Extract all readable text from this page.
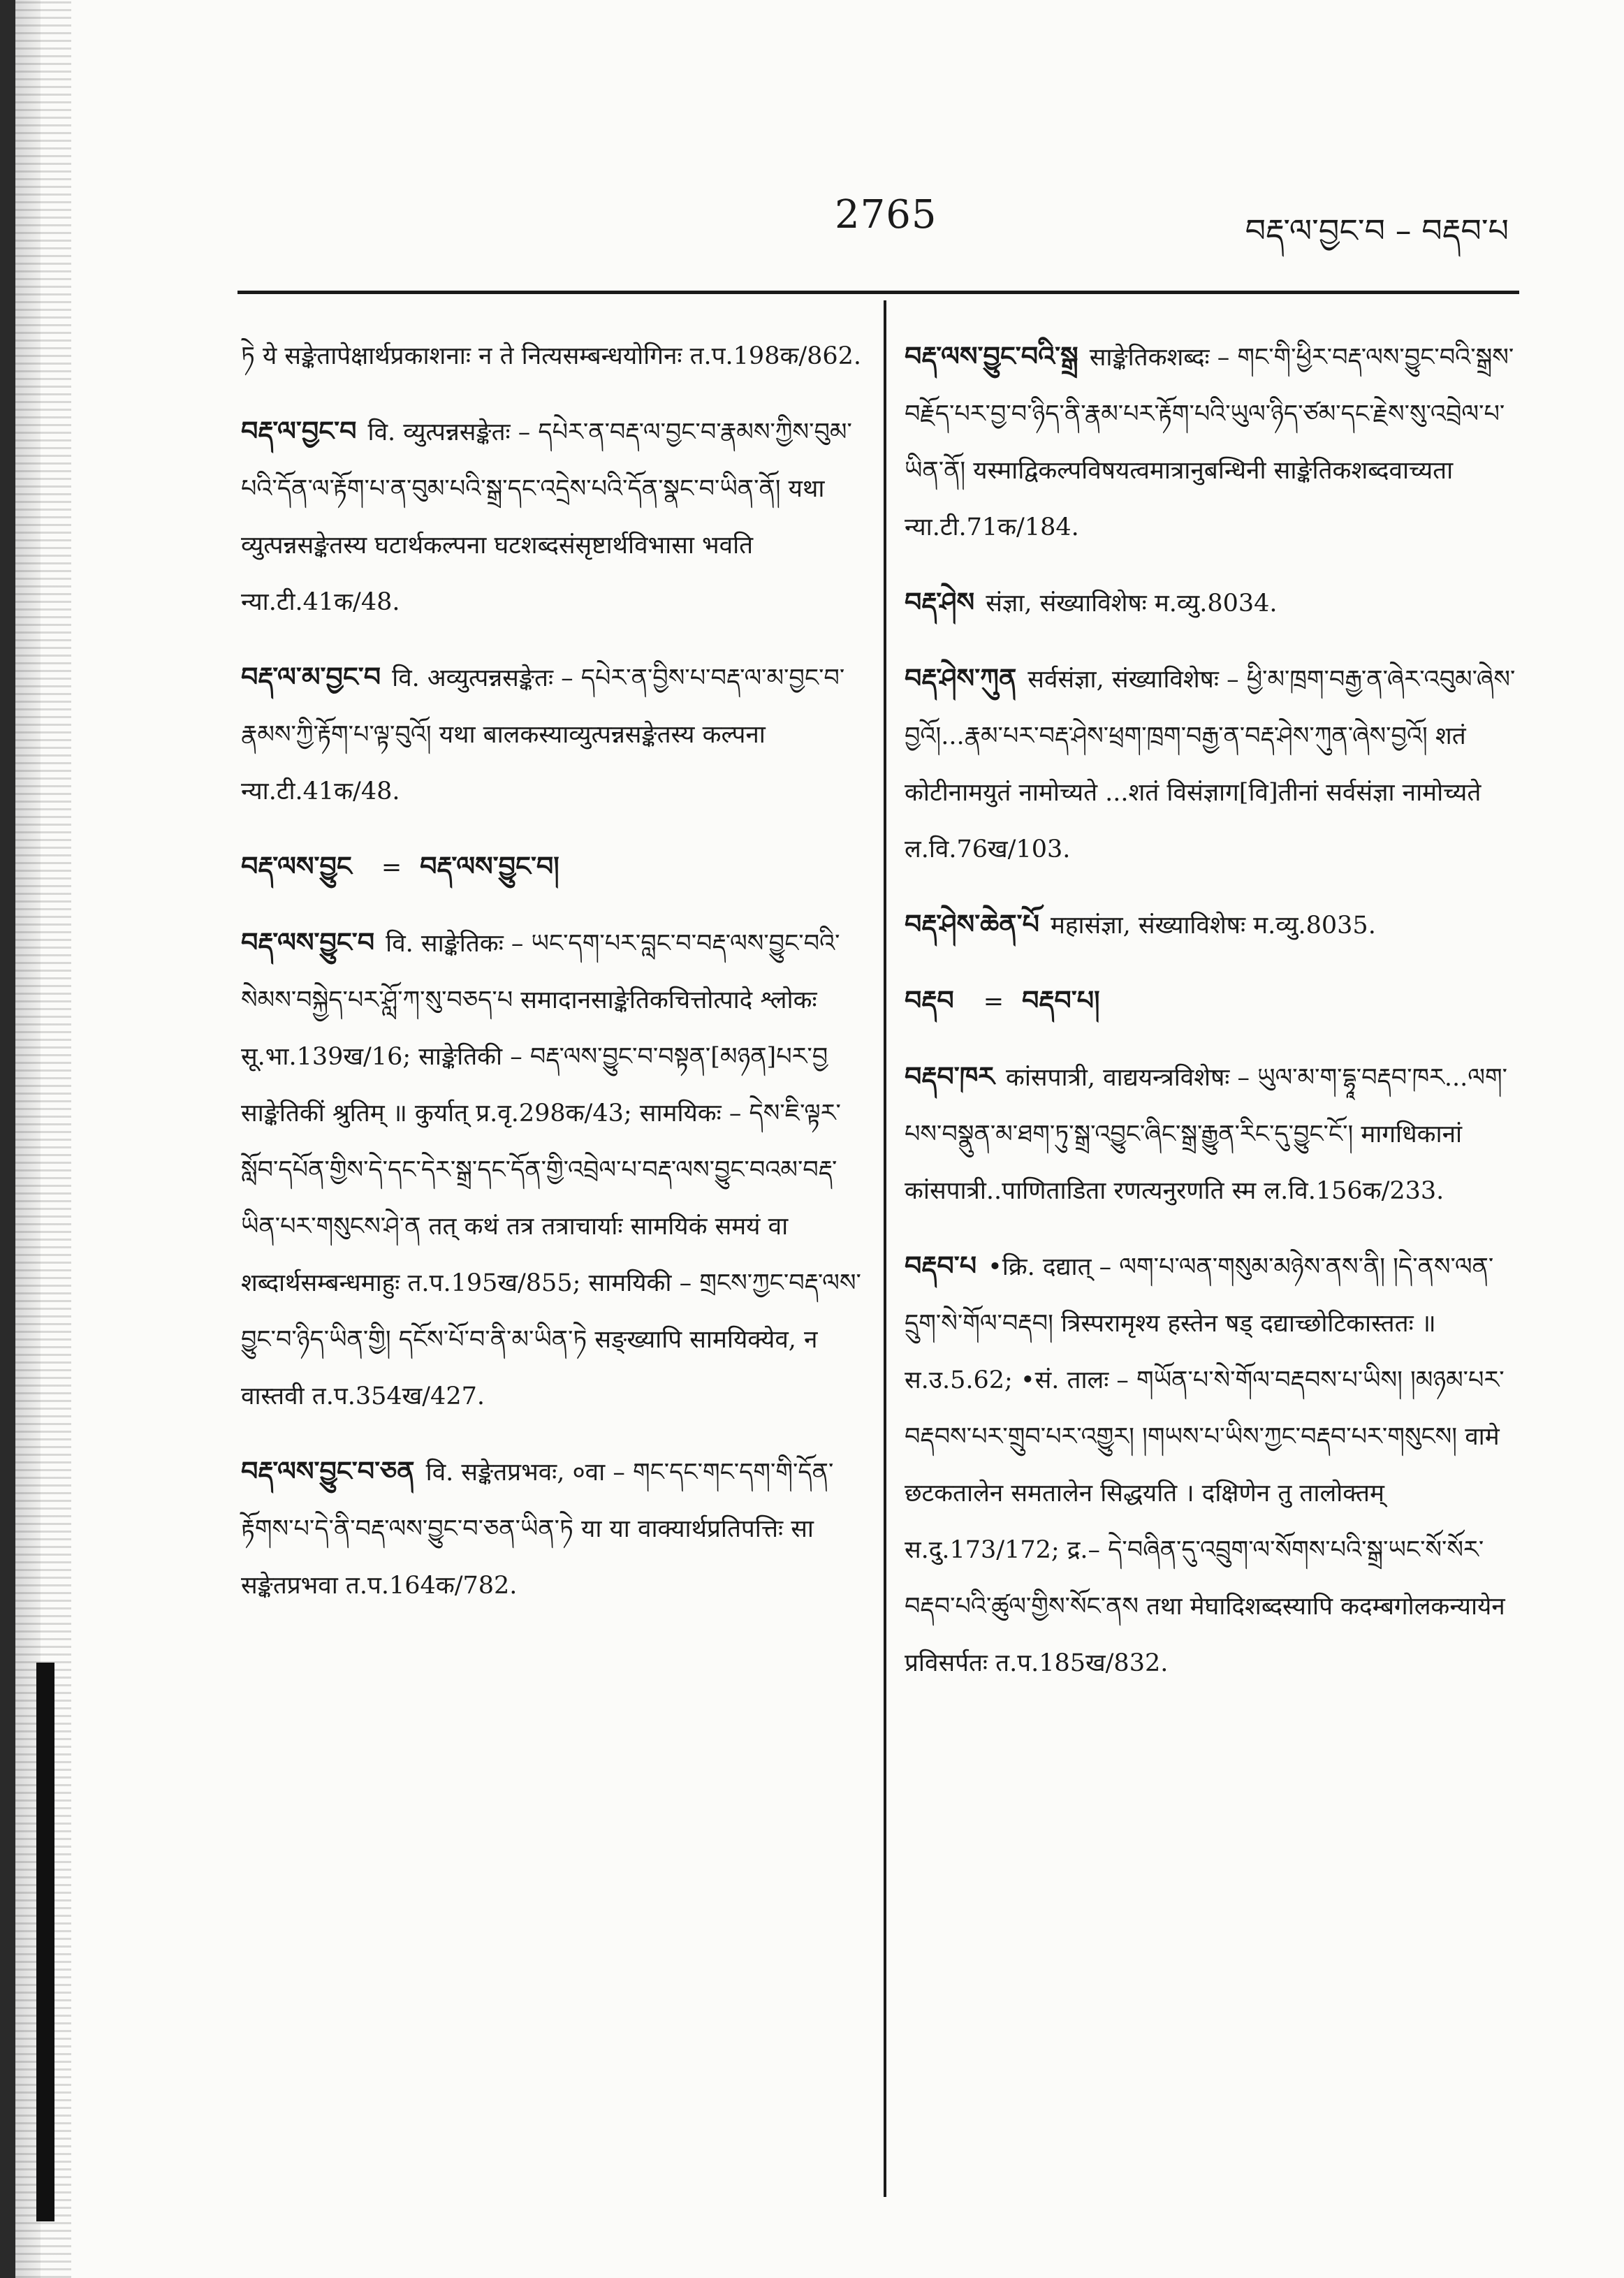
2765	བརྡ་ལ་བྱང་བ – བརྡབ་པ

ཏེ ये सङ्केतापेक्षार्थप्रकाशनाः न ते नित्यसम्बन्धयोगिनः त.प.198क/862.

བརྡ་ལ་བྱང་བ वि. व्युत्पन्नसङ्केतः – དཔེར་ན་བརྡ་ལ་བྱང་བ་རྣམས་ཀྱིས་བུམ་པའི་དོན་ལ་རྟོག་པ་ན་བུམ་པའི་སྒྲ་དང་འདྲེས་པའི་དོན་སྣང་བ་ཡིན་ནོ། यथा व्युत्पन्नसङ्केतस्य घटार्थकल्पना घटशब्दसंसृष्टार्थविभासा भवति न्या.टी.41क/48.

བརྡ་ལ་མ་བྱང་བ वि. अव्युत्पन्नसङ्केतः – དཔེར་ན་བྱིས་པ་བརྡ་ལ་མ་བྱང་བ་རྣམས་ཀྱི་རྟོག་པ་ལྟ་བུའོ། यथा बालकस्याव्युत्पन्नसङ्केतस्य कल्पना न्या.टी.41क/48.

བརྡ་ལས་བྱུང = བརྡ་ལས་བྱུང་བ།

བརྡ་ལས་བྱུང་བ वि. साङ्केतिकः – ཡང་དག་པར་བླང་བ་བརྡ་ལས་བྱུང་བའི་སེམས་བསྐྱེད་པར་ཤློ་ཀ་སུ་བཅད་པ समादानसाङ्केतिकचित्तोत्पादे श्लोकः सू.भा.139ख/16; साङ्केतिकी – བརྡ་ལས་བྱུང་བ་བསྟན་[མཉན]པར་བྱ साङ्केतिकीं श्रुतिम् ॥ कुर्यात् प्र.वृ.298क/43; सामयिकः – དེས་ཇི་ལྟར་སློབ་དཔོན་གྱིས་དེ་དང་དེར་སྒྲ་དང་དོན་གྱི་འབྲེལ་པ་བརྡ་ལས་བྱུང་བའམ་བརྡ་ཡིན་པར་གསུངས་ཤེ་ན तत् कथं तत्र तत्राचार्याः सामयिकं समयं वा शब्दार्थसम्बन्धमाहुः त.प.195ख/855; सामयिकी – གྲངས་ཀྱང་བརྡ་ལས་བྱུང་བ་ཉིད་ཡིན་གྱི། དངོས་པོ་བ་ནི་མ་ཡིན་ཏེ सङ्ख्यापि सामयिक्येव, न वास्तवी त.प.354ख/427.

བརྡ་ལས་བྱུང་བ་ཅན वि. सङ्केतप्रभवः, ०वा – གང་དང་གང་དག་གི་དོན་རྟོགས་པ་དེ་ནི་བརྡ་ལས་བྱུང་བ་ཅན་ཡིན་ཏེ या या वाक्यार्थप्रतिपत्तिः सा सङ्केतप्रभवा त.प.164क/782.

བརྡ་ལས་བྱུང་བའི་སྒྲ साङ्केतिकशब्दः – གང་གི་ཕྱིར་བརྡ་ལས་བྱུང་བའི་སྒྲས་བརྗོད་པར་བྱ་བ་ཉིད་ནི་རྣམ་པར་རྟོག་པའི་ཡུལ་ཉིད་ཙམ་དང་རྗེས་སུ་འབྲེལ་པ་ཡིན་ནོ། यस्माद्विकल्पविषयत्वमात्रानुबन्धिनी साङ्केतिकशब्दवाच्यता न्या.टी.71क/184.

བརྡ་ཤེས संज्ञा, संख्याविशेषः म.व्यु.8034.

བརྡ་ཤེས་ཀུན सर्वसंज्ञा, संख्याविशेषः – ཕྱི་མ་ཁྲག་བརྒྱ་ན་ཞེར་འབུམ་ཞེས་བྱའོ།...རྣམ་པར་བརྡ་ཤེས་ཕྲག་ཁྲག་བརྒྱ་ན་བརྡ་ཤེས་ཀུན་ཞེས་བྱའོ། शतं कोटीनामयुतं नामोच्यते ...शतं विसंज्ञाग[वि]तीनां सर्वसंज्ञा नामोच्यते ल.वि.76ख/103.

བརྡ་ཤེས་ཆེན་པོ महासंज्ञा, संख्याविशेषः म.व्यु.8035.

བརྡབ = བརྡབ་པ།

བརྡབ་ཁར कांसपात्री, वाद्ययन्त्रविशेषः – ཡུལ་མ་ག་དྷཱ་བརྡབ་ཁར...ལག་པས་བསྣུན་མ་ཐག་ཏུ་སྒྲ་འབྱུང་ཞིང་སྒྲ་རྒྱུན་རིང་དུ་བྱུང་ངོ་། मागधिकानां कांसपात्री..पाणिताडिता रणत्यनुरणति स्म ल.वि.156क/233.

བརྡབ་པ •क्रि. दद्यात् – ལག་པ་ལན་གསུམ་མཉེས་ནས་ནི། །དེ་ནས་ལན་དྲུག་སེ་གོལ་བརྡབ། त्रिस्परामृश्य हस्तेन षड् दद्याच्छोटिकास्ततः ॥ स.उ.5.62; •सं. तालः – གཡོན་པ་སེ་གོལ་བརྡབས་པ་ཡིས། །མཉམ་པར་བརྡབས་པར་གྲུབ་པར་འགྱུར། །གཡས་པ་ཡིས་ཀྱང་བརྡབ་པར་གསུངས། वामे छटकतालेन समतालेन सिद्धयति । दक्षिणेन तु तालोक्तम् स.दु.173/172; द्र.– དེ་བཞིན་དུ་འབྲུག་ལ་སོགས་པའི་སྒྲ་ཡང་སོ་སོར་བརྡབ་པའི་ཚུལ་གྱིས་སོང་ནས तथा मेघादिशब्दस्यापि कदम्बगोलकन्यायेन प्रविसर्पतः त.प.185ख/832.
